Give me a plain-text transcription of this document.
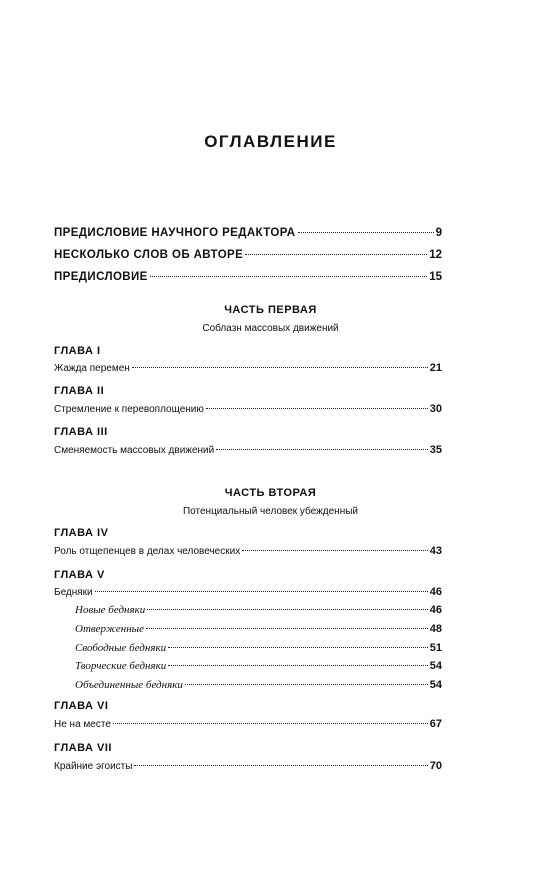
ОГЛАВЛЕНИЕ
ПРЕДИСЛОВИЕ НАУЧНОГО РЕДАКТОРА	9
НЕСКОЛЬКО СЛОВ ОБ АВТОРЕ	12
ПРЕДИСЛОВИЕ	15
ЧАСТЬ ПЕРВАЯ
Соблазн массовых движений
ГЛАВА I
Жажда перемен	21
ГЛАВА II
Стремление к перевоплощению	30
ГЛАВА III
Сменяемость массовых движений	35
ЧАСТЬ ВТОРАЯ
Потенциальный человек убежденный
ГЛАВА IV
Роль отщепенцев в делах человеческих	43
ГЛАВА V
Бедняки	46
Новые бедняки	46
Отверженные	48
Свободные бедняки	51
Творческие бедняки	54
Объединенные бедняки	54
ГЛАВА VI
Не на месте	67
ГЛАВА VII
Крайние эгоисты	70
